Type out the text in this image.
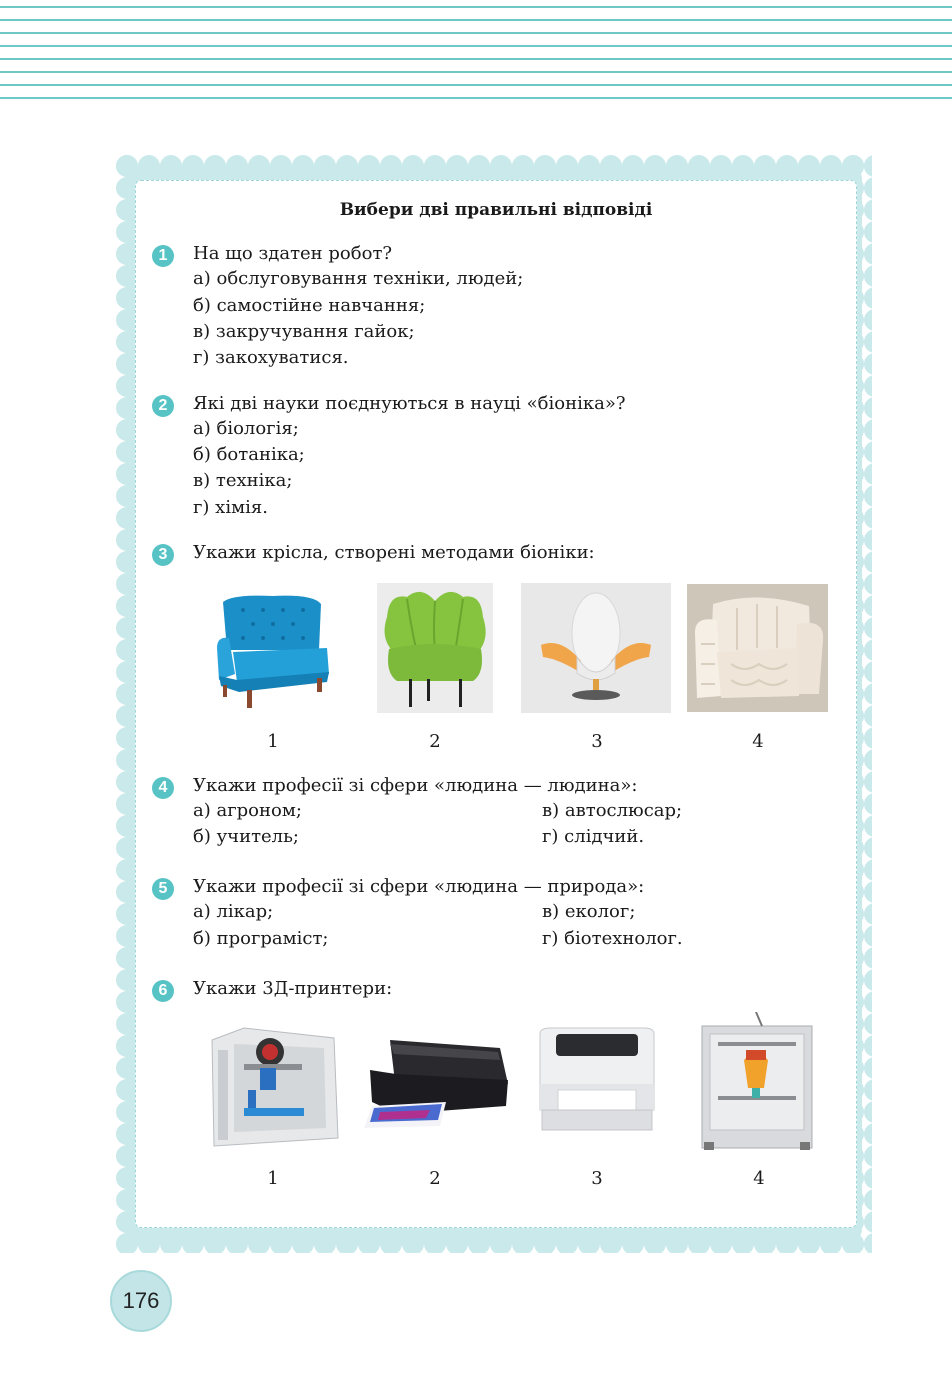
Вибери дві правильні відповіді
1	На що здатен робот?
а) обслуговування техніки, людей;
б) самостійне навчання;
в) закручування гайок;
г) закохуватися.
2	Які дві науки поєднуються в науці «біоніка»?
а) біологія;
б) ботаніка;
в) техніка;
г) хімія.
3	Укажи крісла, створені методами біоніки:
1	2	3	4
4	Укажи професії зі сфери «людина — людина»:
а) агроном;
б) учитель;
в) автослюсар;
г) слідчий.
5	Укажи професії зі сфери «людина — природа»:
а) лікар;
б) програміст;
в) еколог;
г) біотехнолог.
6	Укажи 3Д-принтери:
1	2	3	4
176
